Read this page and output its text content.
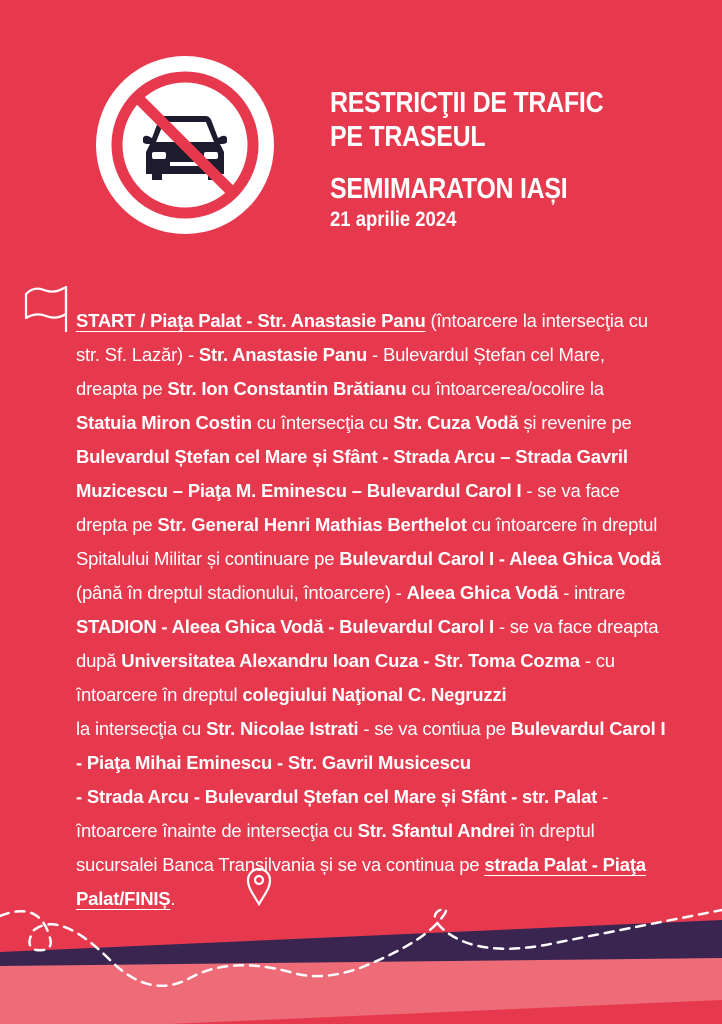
RESTRICŢII DE TRAFIC
PE TRASEUL
SEMIMARATON IAȘI
21 aprilie 2024
START / Piaţa Palat - Str. Anastasie Panu (întoarcere la intersecţia cu str. Sf. Lazăr) - Str. Anastasie Panu - Bulevardul Ștefan cel Mare, dreapta pe Str. Ion Constantin Brătianu cu întoarcerea/ocolire la Statuia Miron Costin cu întersecţia cu Str. Cuza Vodă și revenire pe Bulevardul Ștefan cel Mare și Sfânt - Strada Arcu – Strada Gavril Muzicescu – Piaţa M. Eminescu – Bulevardul Carol I - se va face drepta pe Str. General Henri Mathias Berthelot cu întoarcere în dreptul Spitalului Militar și continuare pe Bulevardul Carol I - Aleea Ghica Vodă (până în dreptul stadionului, întoarcere) - Aleea Ghica Vodă - intrare STADION - Aleea Ghica Vodă - Bulevardul Carol I - se va face dreapta după Universitatea Alexandru Ioan Cuza - Str. Toma Cozma - cu întoarcere în dreptul colegiului Naţional C. Negruzzi
la intersecţia cu Str. Nicolae Istrati - se va contiua pe Bulevardul Carol I - Piaţa Mihai Eminescu - Str. Gavril Musicescu
- Strada Arcu - Bulevardul Ștefan cel Mare și Sfânt - str. Palat - întoarcere înainte de intersecţia cu Str. Sfantul Andrei în dreptul sucursalei Banca Transilvania și se va continua pe strada Palat - Piaţa Palat/FINIȘ.
